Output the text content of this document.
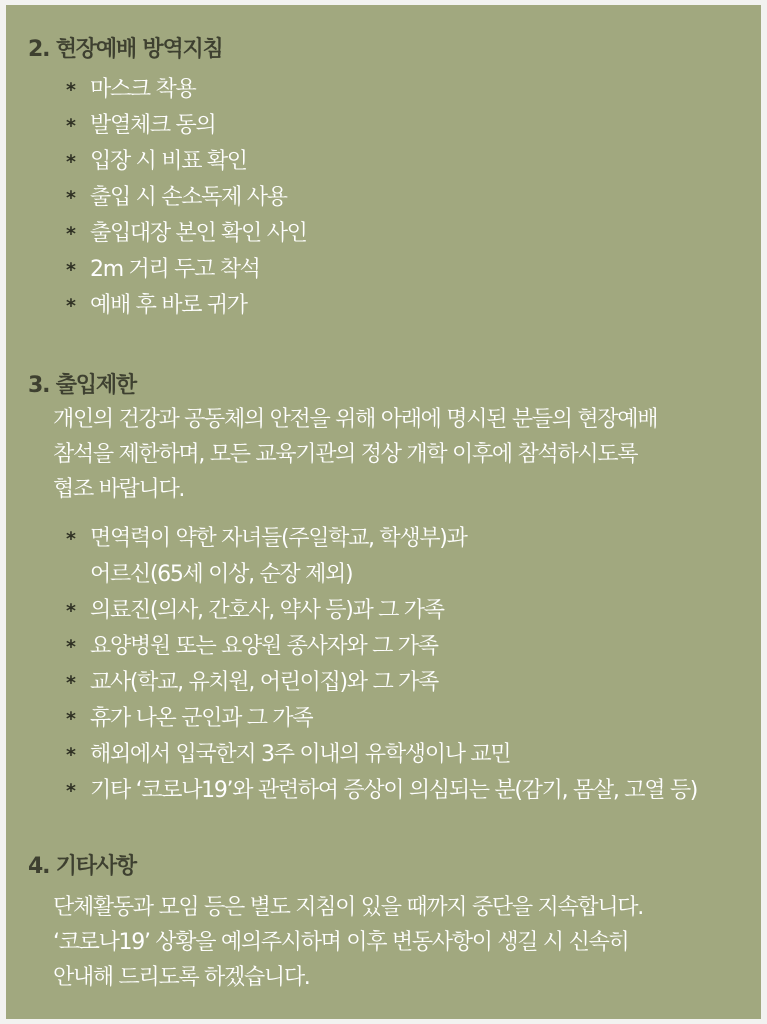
2. 현장예배 방역지침
* 마스크 착용
* 발열체크 동의
* 입장 시 비표 확인
* 출입 시 손소독제 사용
* 출입대장 본인 확인 사인
* 2m 거리 두고 착석
* 예배 후 바로 귀가
3. 출입제한
개인의 건강과 공동체의 안전을 위해 아래에 명시된 분들의 현장예배
참석을 제한하며, 모든 교육기관의 정상 개학 이후에 참석하시도록
협조 바랍니다.
* 면역력이 약한 자녀들(주일학교, 학생부)과
어르신(65세 이상, 순장 제외)
* 의료진(의사, 간호사, 약사 등)과 그 가족
* 요양병원 또는 요양원 종사자와 그 가족
* 교사(학교, 유치원, 어린이집)와 그 가족
* 휴가 나온 군인과 그 가족
* 해외에서 입국한지 3주 이내의 유학생이나 교민
* 기타 ‘코로나19’와 관련하여 증상이 의심되는 분(감기, 몸살, 고열 등)
4. 기타사항
단체활동과 모임 등은 별도 지침이 있을 때까지 중단을 지속합니다.
‘코로나19’ 상황을 예의주시하며 이후 변동사항이 생길 시 신속히
안내해 드리도록 하겠습니다.
